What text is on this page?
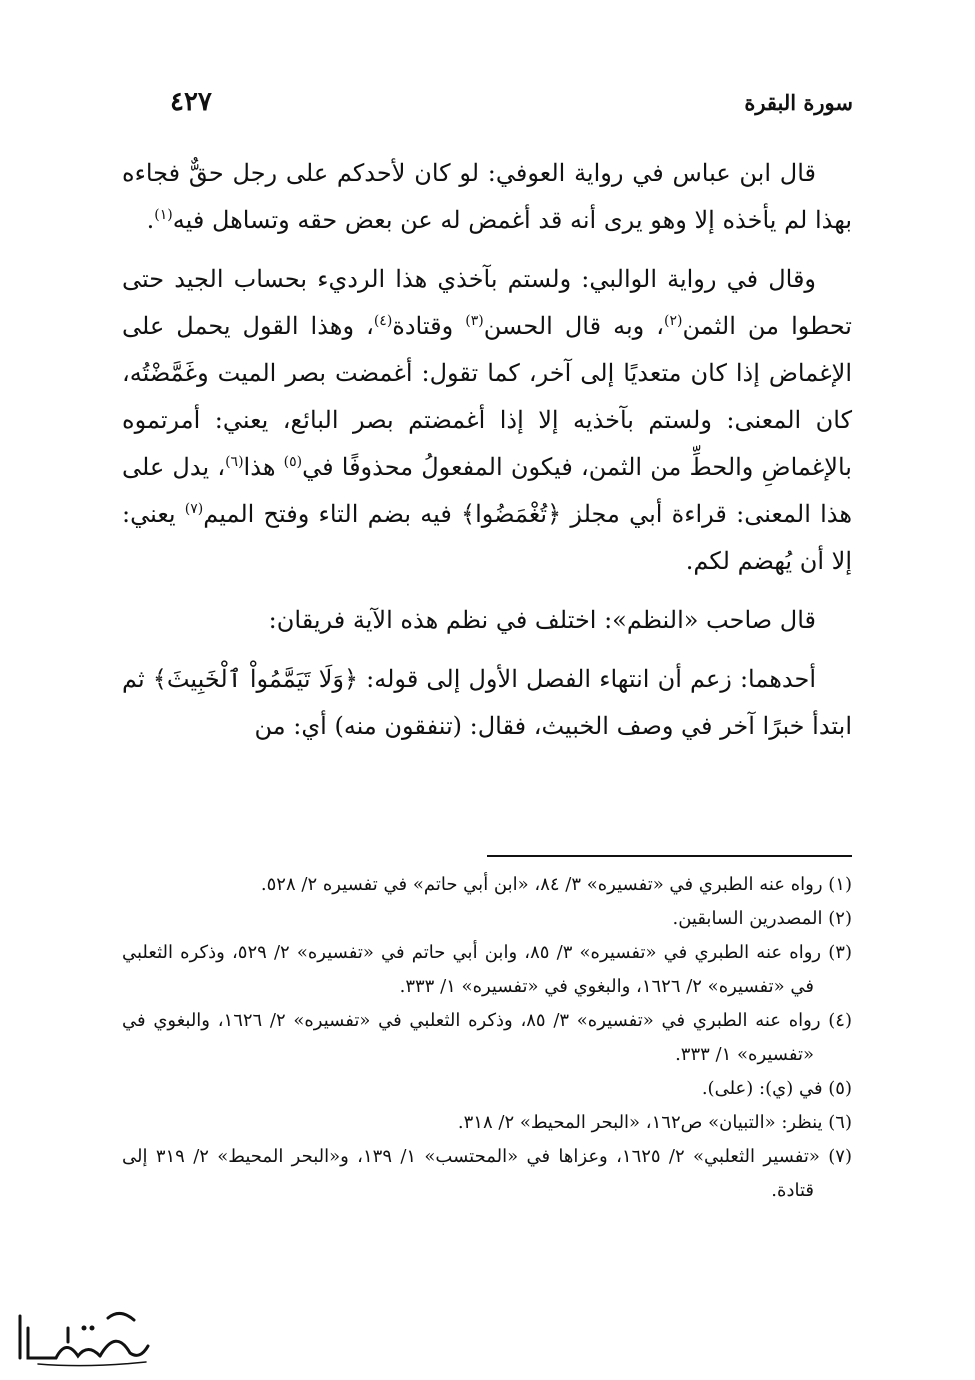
سورة البقرة
٤٢٧

قال ابن عباس في رواية العوفي: لو كان لأحدكم على رجل حقٌّ فجاءه بهذا لم يأخذه إلا وهو يرى أنه قد أغمض له عن بعض حقه وتساهل فيه$^{(١)}$.

وقال في رواية الوالبي: ولستم بآخذي هذا الرديء بحساب الجيد حتى تحطوا من الثمن$^{(٢)}$، وبه قال الحسن$^{(٣)}$ وقتادة$^{(٤)}$، وهذا القول يحمل على الإغماض إذا كان متعديًا إلى آخر، كما تقول: أغمضت بصر الميت وغَمَّضْتُه، كان المعنى: ولستم بآخذيه إلا إذا أغمضتم بصر البائع، يعني: أمرتموه بالإغماضِ والحطِّ من الثمن، فيكون المفعولُ محذوفًا في$^{(٥)}$ هذا$^{(٦)}$، يدل على هذا المعنى: قراءة أبي مجلز ﴿تُغْمَضُوا﴾ فيه بضم التاء وفتح الميم$^{(٧)}$ يعني: إلا أن يُهضم لكم.

قال صاحب «النظم»: اختلف في نظم هذه الآية فريقان:

أحدهما: زعم أن انتهاء الفصل الأول إلى قوله: ﴿وَلَا تَيَمَّمُواْ ٱلْخَبِيثَ﴾ ثم ابتدأ خبرًا آخر في وصف الخبيث، فقال: (تنفقون منه) أي: من

(١) رواه عنه الطبري في «تفسيره» ٣/ ٨٤، «ابن أبي حاتم» في تفسيره ٢/ ٥٢٨.
(٢) المصدرين السابقين.
(٣) رواه عنه الطبري في «تفسيره» ٣/ ٨٥، وابن أبي حاتم في «تفسيره» ٢/ ٥٢٩، وذكره الثعلبي في «تفسيره» ٢/ ١٦٢٦، والبغوي في «تفسيره» ١/ ٣٣٣.
(٤) رواه عنه الطبري في «تفسيره» ٣/ ٨٥، وذكره الثعلبي في «تفسيره» ٢/ ١٦٢٦، والبغوي في «تفسيره» ١/ ٣٣٣.
(٥) في (ي): (على).
(٦) ينظر: «التبيان» ص١٦٢، «البحر المحيط» ٢/ ٣١٨.
(٧) «تفسير الثعلبي» ٢/ ١٦٢٥، وعزاها في «المحتسب» ١/ ١٣٩، و«البحر المحيط» ٢/ ٣١٩ إلى قتادة.
